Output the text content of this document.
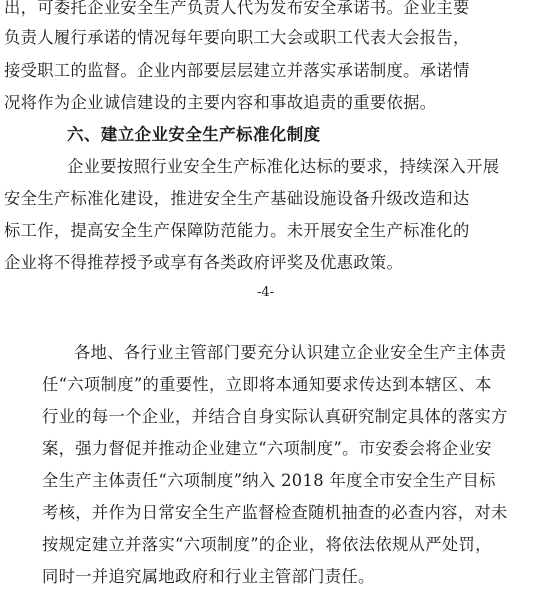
出，可委托企业安全生产负责人代为发布安全承诺书。企业主要
负责人履行承诺的情况每年要向职工大会或职工代表大会报告，
接受职工的监督。企业内部要层层建立并落实承诺制度。承诺情
况将作为企业诚信建设的主要内容和事故追责的重要依据。
六、建立企业安全生产标准化制度
企业要按照行业安全生产标准化达标的要求，持续深入开展
安全生产标准化建设，推进安全生产基础设施设备升级改造和达
标工作，提高安全生产保障防范能力。未开展安全生产标准化的
企业将不得推荐授予或享有各类政府评奖及优惠政策。
-4-
各地、各行业主管部门要充分认识建立企业安全生产主体责
任“六项制度”的重要性，立即将本通知要求传达到本辖区、本
行业的每一个企业，并结合自身实际认真研究制定具体的落实方
案，强力督促并推动企业建立“六项制度”。市安委会将企业安
全生产主体责任“六项制度”纳入 2018 年度全市安全生产目标
考核，并作为日常安全生产监督检查随机抽查的必查内容，对未
按规定建立并落实“六项制度”的企业，将依法依规从严处罚，
同时一并追究属地政府和行业主管部门责任。
